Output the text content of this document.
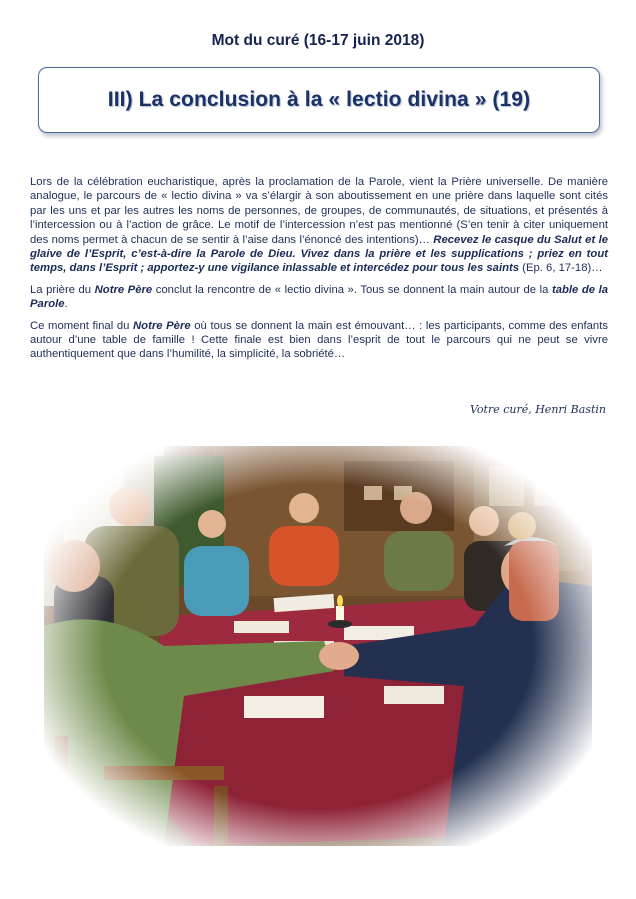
Mot du curé (16-17 juin 2018)
III) La conclusion à la « lectio divina » (19)

Lors de la célébration eucharistique, après la proclamation de la Parole, vient la Prière universelle. De manière analogue, le parcours de « lectio divina » va s’élargir à son aboutissement en une prière dans laquelle sont cités par les uns et par les autres les noms de personnes, de groupes, de communautés, de situations, et présentés à l’intercession ou à l’action de grâce. Le motif de l’intercession n’est pas mentionné (S’en tenir à citer uniquement des noms permet à chacun de se sentir à l’aise dans l’énoncé des intentions)… Recevez le casque du Salut et le glaive de l’Esprit, c’est-à-dire la Parole de Dieu. Vivez dans la prière et les supplications ; priez en tout temps, dans l’Esprit ; apportez-y une vigilance inlassable et intercédez pour tous les saints (Ep. 6, 17-18)…

La prière du Notre Père conclut la rencontre de « lectio divina ». Tous se donnent la main autour de la table de la Parole.

Ce moment final du Notre Père où tous se donnent la main est émouvant… : les participants, comme des enfants autour d’une table de famille ! Cette finale est bien dans l’esprit de tout le parcours qui ne peut se vivre authentiquement que dans l’humilité, la simplicité, la sobriété…

Votre curé, Henri Bastin
